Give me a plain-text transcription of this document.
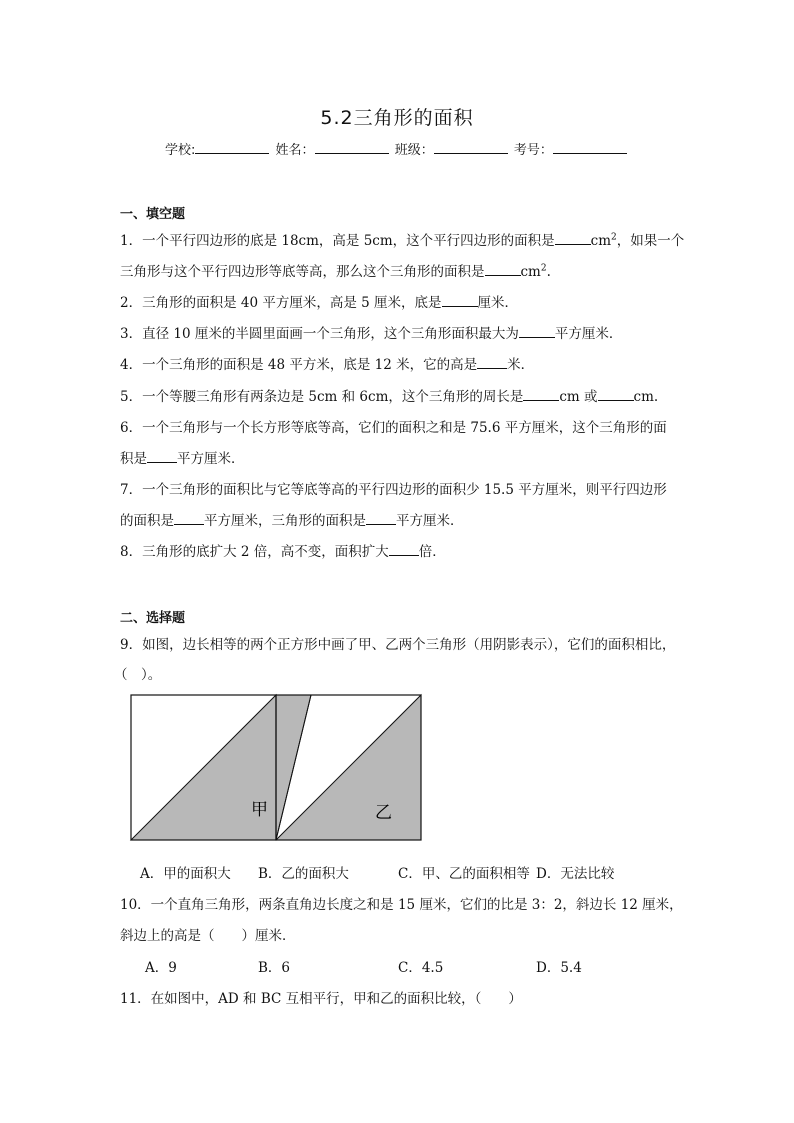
5.2三角形的面积
学校:	姓名：	班级：	考号：
一、填空题
1．一个平行四边形的底是 18cm，高是 5cm，这个平行四边形的面积是	$cm^2$，如果一个
三角形与这个平行四边形等底等高，那么这个三角形的面积是	$cm^2$.
2．三角形的面积是 40 平方厘米，高是 5 厘米，底是	厘米．
3．直径 10 厘米的半圆里面画一个三角形，这个三角形面积最大为	平方厘米．
4．一个三角形的面积是 48 平方米，底是 12 米，它的高是 米．
5．一个等腰三角形有两条边是 5cm 和 6cm，这个三角形的周长是	cm 或	cm.
6．一个三角形与一个长方形等底等高，它们的面积之和是 75.6 平方厘米，这个三角形的面
积是 平方厘米．
7．一个三角形的面积比与它等底等高的平行四边形的面积少 15.5 平方厘米，则平行四边形
的面积是 平方厘米，三角形的面积是 平方厘米．
8．三角形的底扩大 2 倍，高不变，面积扩大 倍．
二、选择题
9．如图，边长相等的两个正方形中画了甲、乙两个三角形（用阴影表示），它们的面积相比，
（　）。
甲	乙
A．甲的面积大 B．乙的面积大	C．甲、乙的面积相等 D．无法比较
10．一个直角三角形，两条直角边长度之和是 15 厘米，它们的比是 3：2，斜边长 12 厘米，
斜边上的高是（　　）厘米．
A．9	B．6	C．4.5	D．5.4
11．在如图中，AD 和 BC 互相平行，甲和乙的面积比较，（　　）
